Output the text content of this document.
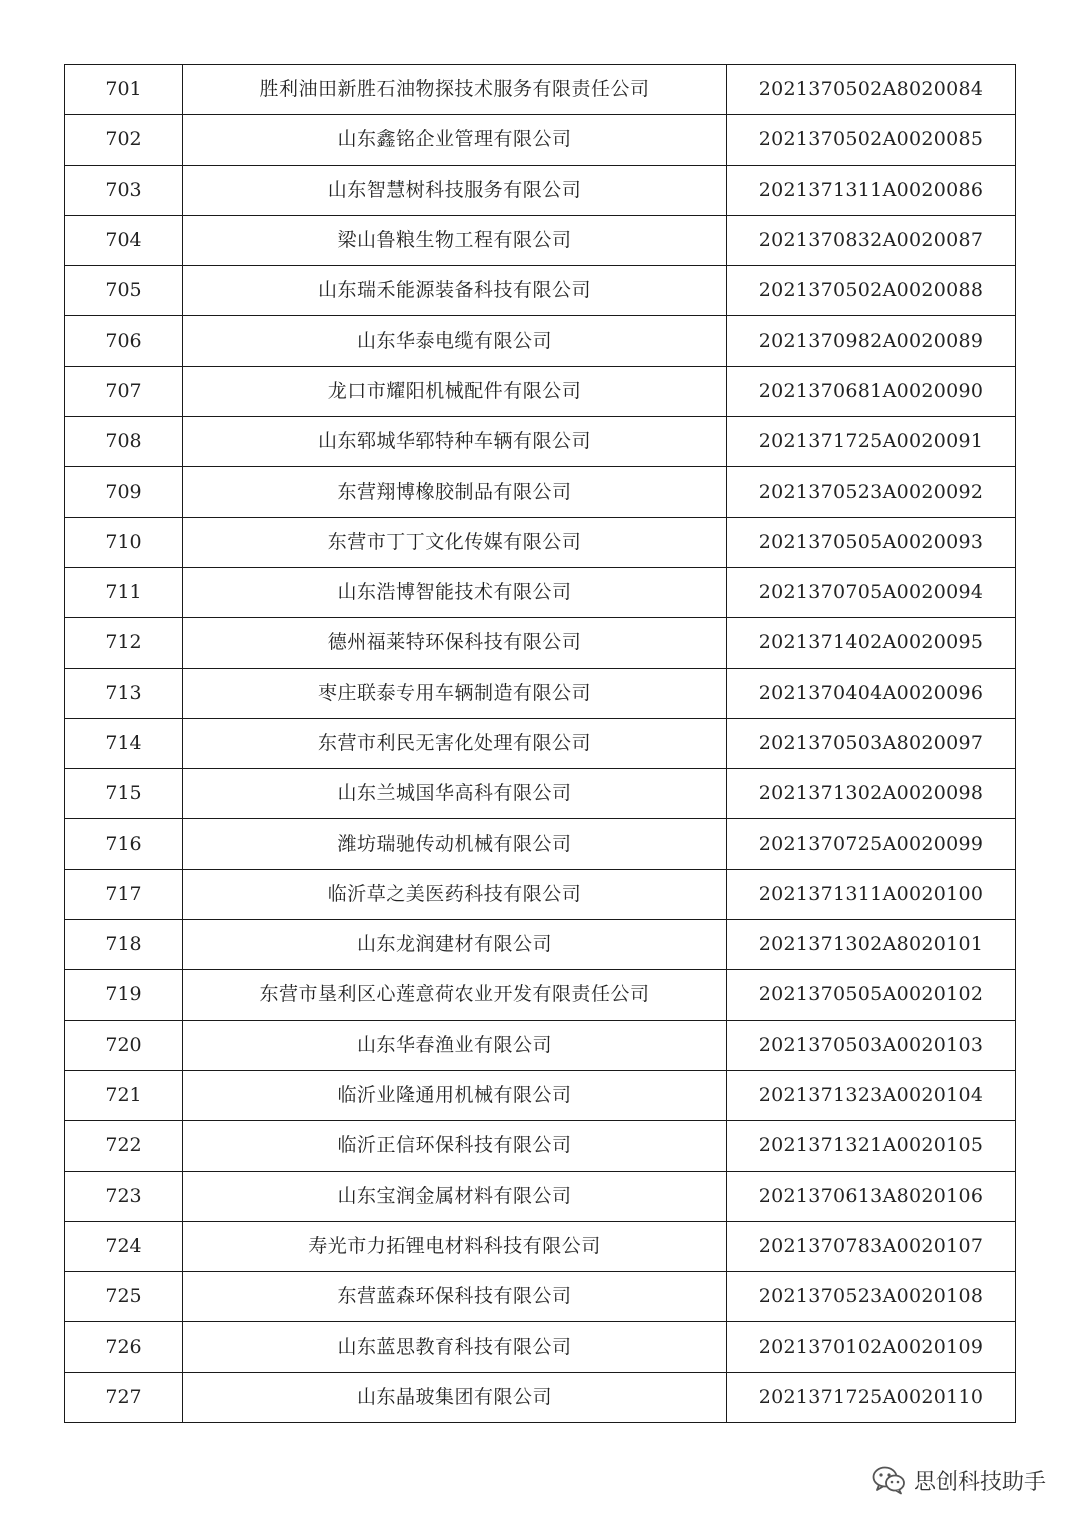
701	胜利油田新胜石油物探技术服务有限责任公司	2021370502A8020084
702	山东鑫铭企业管理有限公司	2021370502A0020085
703	山东智慧树科技服务有限公司	2021371311A0020086
704	梁山鲁粮生物工程有限公司	2021370832A0020087
705	山东瑞禾能源装备科技有限公司	2021370502A0020088
706	山东华泰电缆有限公司	2021370982A0020089
707	龙口市耀阳机械配件有限公司	2021370681A0020090
708	山东郓城华郓特种车辆有限公司	2021371725A0020091
709	东营翔博橡胶制品有限公司	2021370523A0020092
710	东营市丁丁文化传媒有限公司	2021370505A0020093
711	山东浩博智能技术有限公司	2021370705A0020094
712	德州福莱特环保科技有限公司	2021371402A0020095
713	枣庄联泰专用车辆制造有限公司	2021370404A0020096
714	东营市利民无害化处理有限公司	2021370503A8020097
715	山东兰城国华高科有限公司	2021371302A0020098
716	潍坊瑞驰传动机械有限公司	2021370725A0020099
717	临沂草之美医药科技有限公司	2021371311A0020100
718	山东龙润建材有限公司	2021371302A8020101
719	东营市垦利区心莲意荷农业开发有限责任公司	2021370505A0020102
720	山东华春渔业有限公司	2021370503A0020103
721	临沂业隆通用机械有限公司	2021371323A0020104
722	临沂正信环保科技有限公司	2021371321A0020105
723	山东宝润金属材料有限公司	2021370613A8020106
724	寿光市力拓锂电材料科技有限公司	2021370783A0020107
725	东营蓝森环保科技有限公司	2021370523A0020108
726	山东蓝思教育科技有限公司	2021370102A0020109
727	山东晶玻集团有限公司	2021371725A0020110
思创科技助手
